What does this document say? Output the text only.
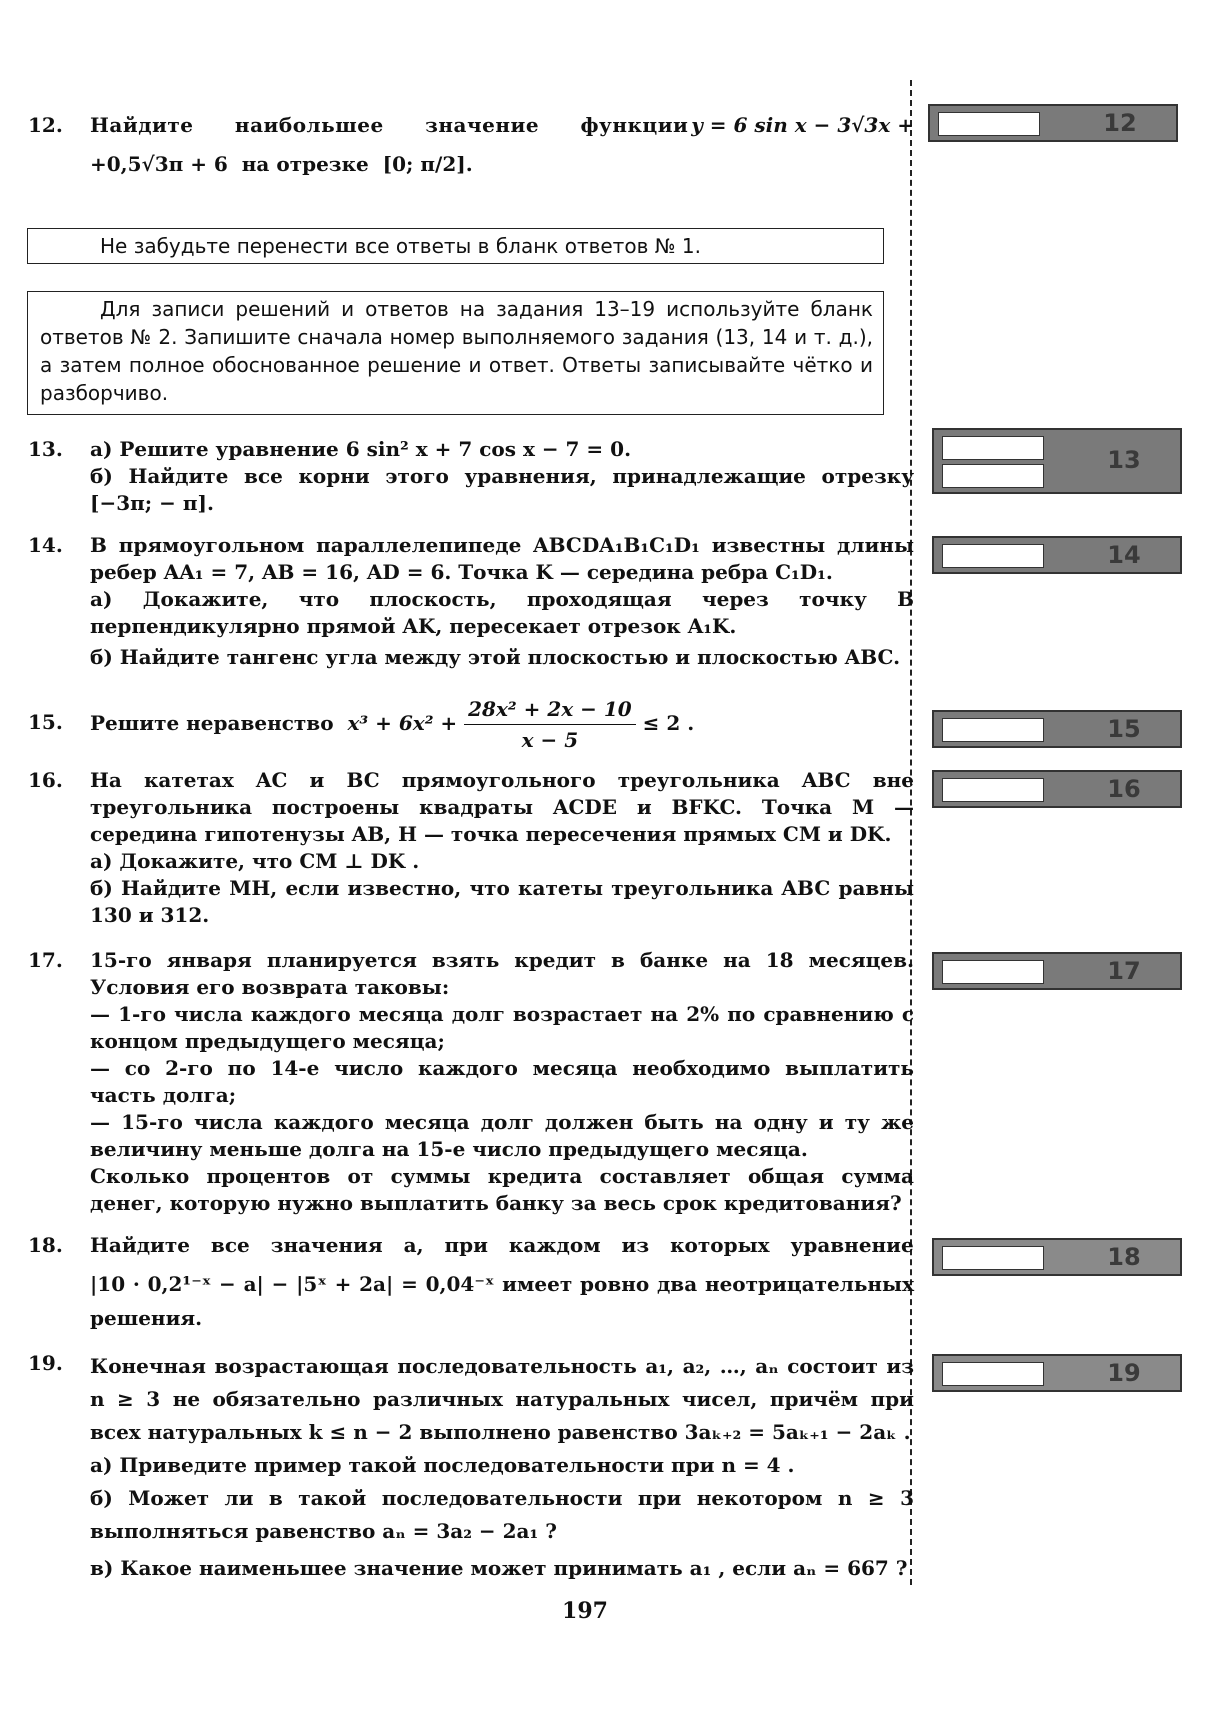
12.	Найдите наибольшее значение функции y = 6 sin x − 3√3x +

+0,5√3π + 6 на отрезке [0; π/2].

12
Не забудьте перенести все ответы в бланк ответов № 1.
Для записи решений и ответов на задания 13–19 используйте бланк ответов № 2. Запишите сначала номер выполняемого задания (13, 14 и т. д.), а затем полное обоснованное решение и ответ. Ответы записывайте чётко и разборчиво.
13.	а) Решите уравнение 6 sin² x + 7 cos x − 7 = 0.

б) Найдите все корни этого уравнения, принадлежащие отрезку [−3π; − π].

13
14.	В прямоугольном параллелепипеде ABCDA₁B₁C₁D₁ известны длины ребер AA₁ = 7, AB = 16, AD = 6. Точка K — середина ребра C₁D₁.

а) Докажите, что плоскость, проходящая через точку B перпендикулярно прямой AK, пересекает отрезок A₁K.

б) Найдите тангенс угла между этой плоскостью и плоскостью ABC.

14
15.	Решите неравенство $x^3 + 6x^2 + \frac{\text{28x² + 2x − 10}}{x - 5} \le 2$ .	15
16.	На катетах AC и BC прямоугольного треугольника ABC вне треугольника построены квадраты ACDE и BFKC. Точка M — середина гипотенузы AB, H — точка пересечения прямых CM и DK.

а) Докажите, что CM ⊥ DK .

б) Найдите MH, если известно, что катеты треугольника ABC равны 130 и 312.

16
17.	15-го января планируется взять кредит в банке на 18 месяцев. Условия его возврата таковы:

— 1-го числа каждого месяца долг возрастает на 2% по сравнению с концом предыдущего месяца;

— со 2-го по 14-е число каждого месяца необходимо выплатить часть долга;

— 15-го числа каждого месяца долг должен быть на одну и ту же величину меньше долга на 15-е число предыдущего месяца.

Сколько процентов от суммы кредита составляет общая сумма денег, которую нужно выплатить банку за весь срок кредитования?

17
18.	Найдите все значения a, при каждом из которых уравнение

|10 · 0,2¹⁻ˣ − a| − |5ˣ + 2a| = 0,04⁻ˣ имеет ровно два неотрицательных решения.

18
19.	Конечная возрастающая последовательность a₁, a₂, …, aₙ состоит из n ≥ 3 не обязательно различных натуральных чисел, причём при всех натуральных k ≤ n − 2 выполнено равенство 3aₖ₊₂ = 5aₖ₊₁ − 2aₖ .

а) Приведите пример такой последовательности при n = 4 .

б) Может ли в такой последовательности при некотором n ≥ 3 выполняться равенство aₙ = 3a₂ − 2a₁ ?

в) Какое наименьшее значение может принимать a₁ , если aₙ = 667 ?

19
197
